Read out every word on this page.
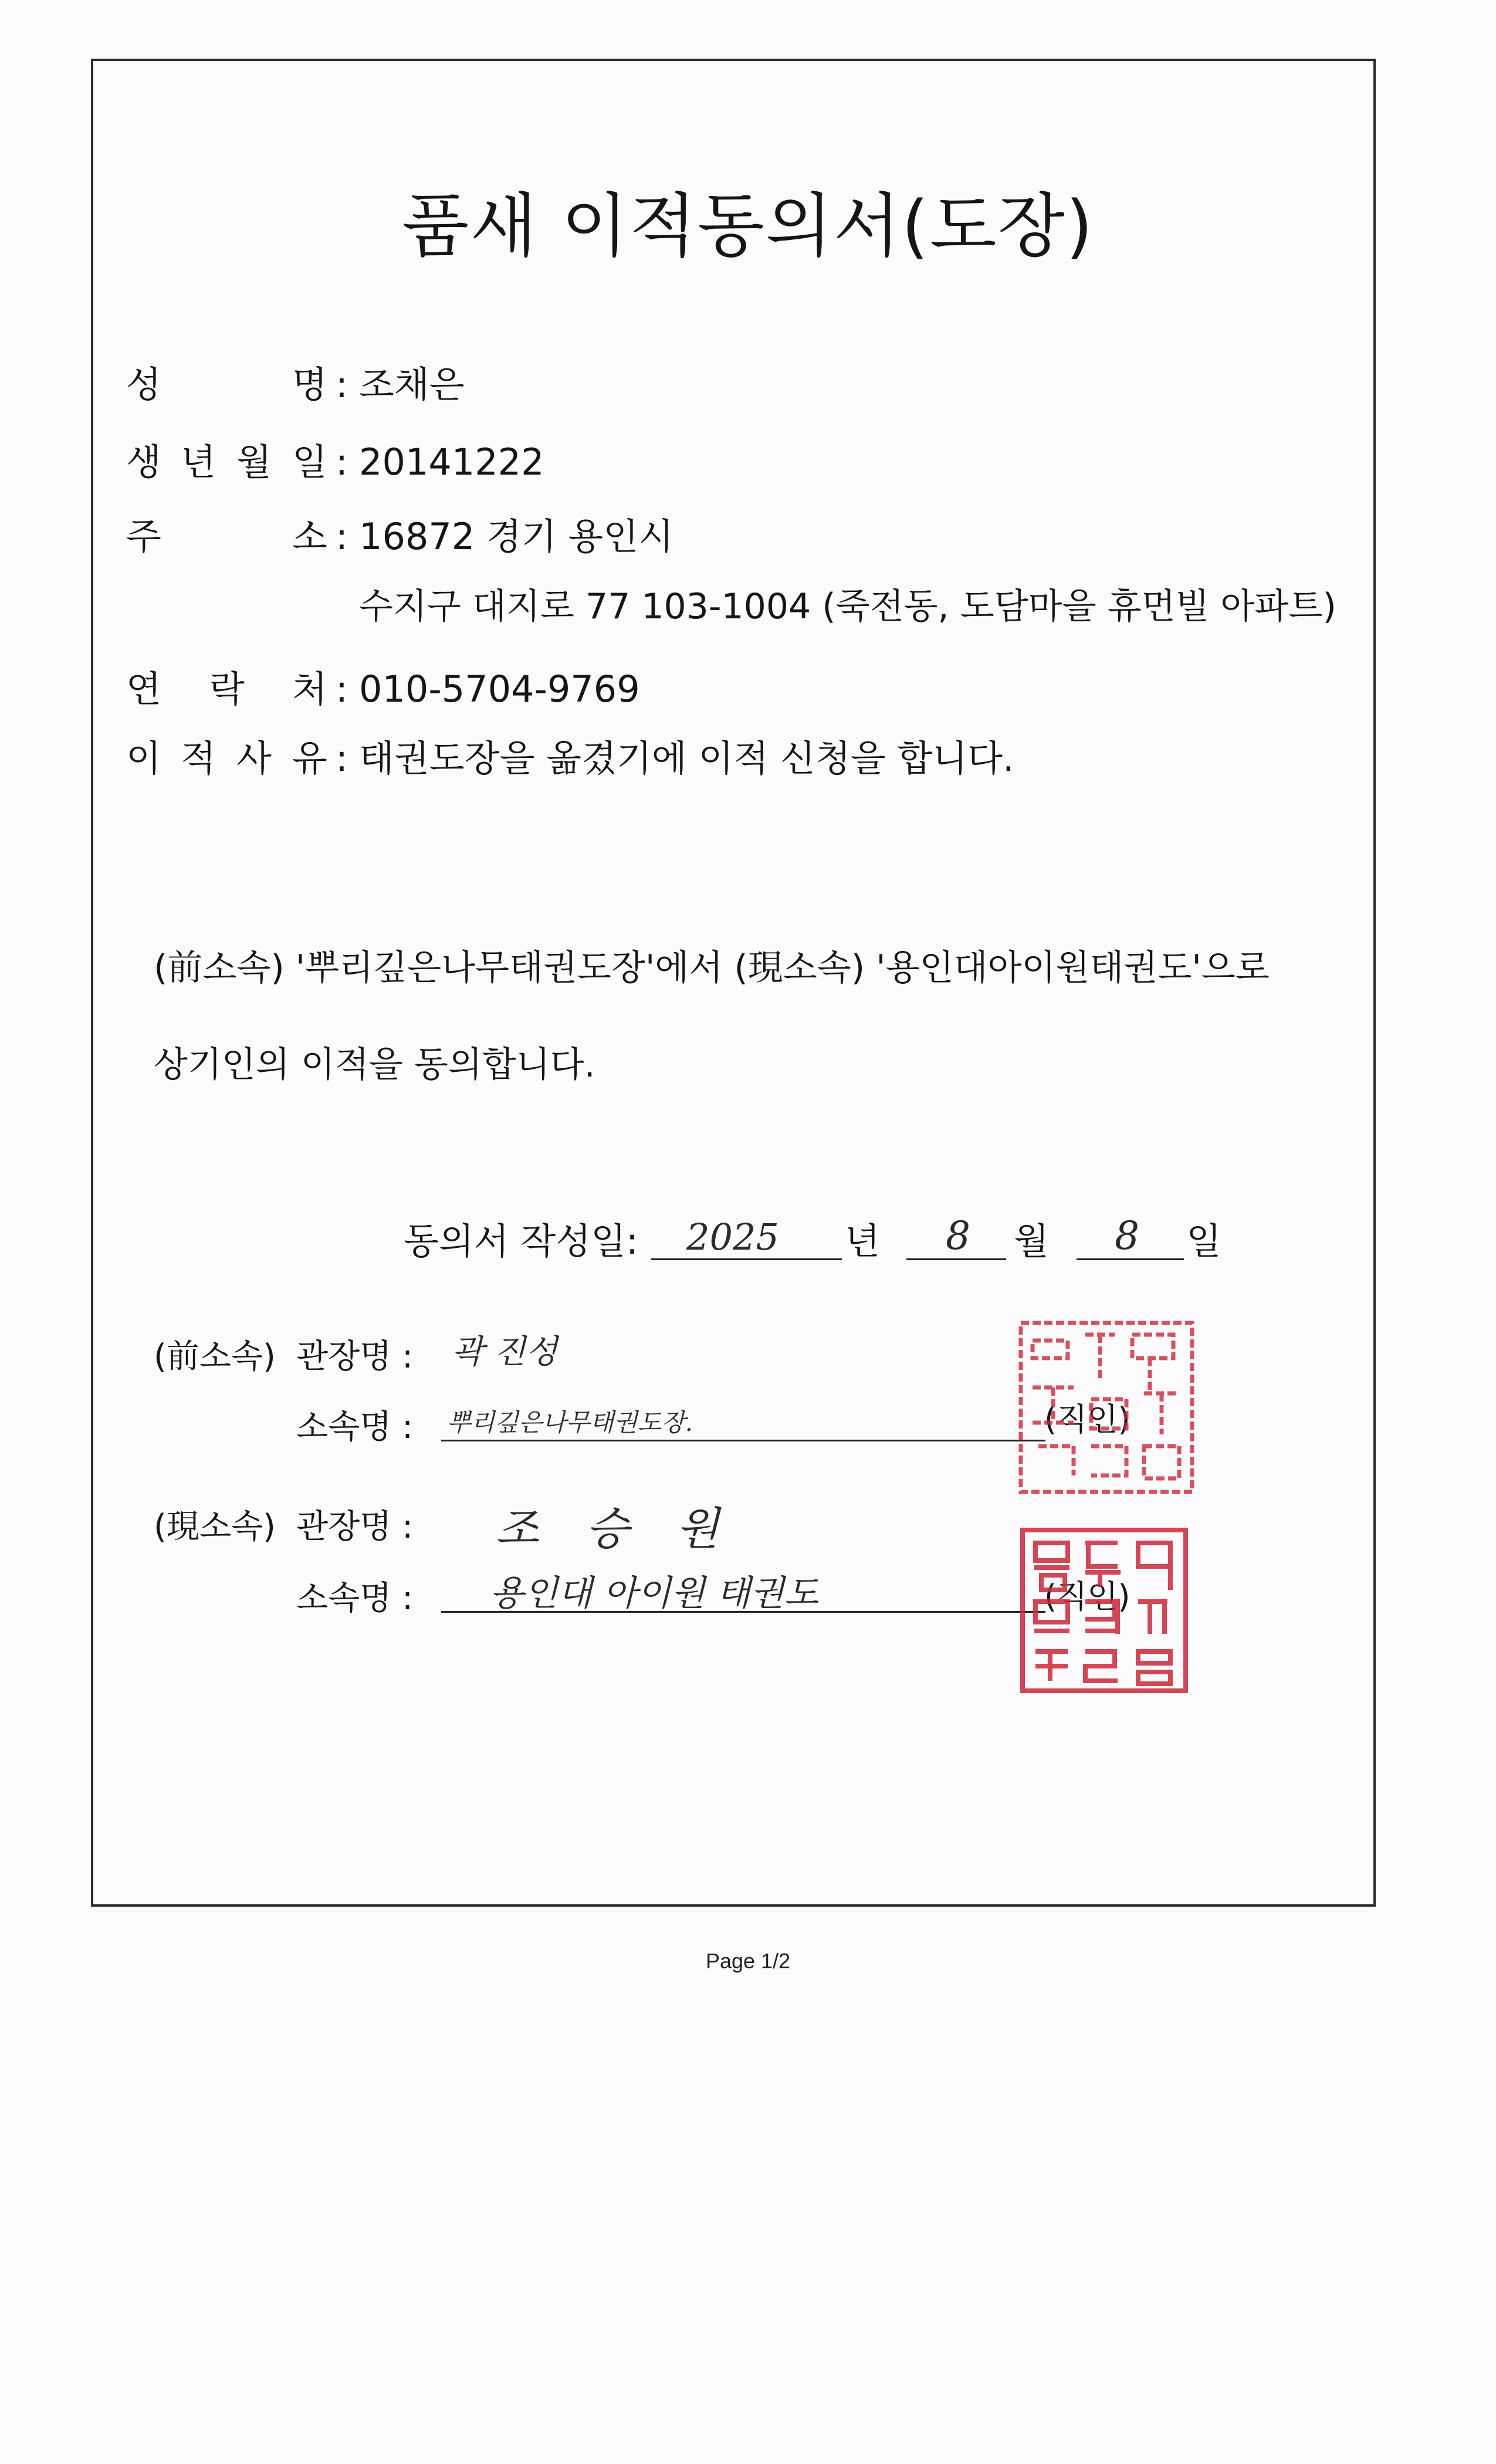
품새 이적동의서(도장)
성	명 : 조채은
생 년 월 일 : 20141222
주	소 : 16872 경기 용인시
수지구 대지로 77 103-1004 (죽전동, 도담마을 휴먼빌 아파트)
연 락 처 : 010-5704-9769
이 적 사 유 : 태권도장을 옮겼기에 이적 신청을 합니다.
(前소속) '뿌리깊은나무태권도장'에서 (現소속) '용인대아이원태권도'으로
상기인의 이적을 동의합니다.
동의서 작성일: 2025 년 8 월 8 일
(前소속) 관장명 : 곽 진성
소속명 : 뿌리깊은나무태권도장.	(직인)
(現소속) 관장명 : 조 승 원
소속명 : 용인대 아이원 태권도	(직인)
Page 1/2
